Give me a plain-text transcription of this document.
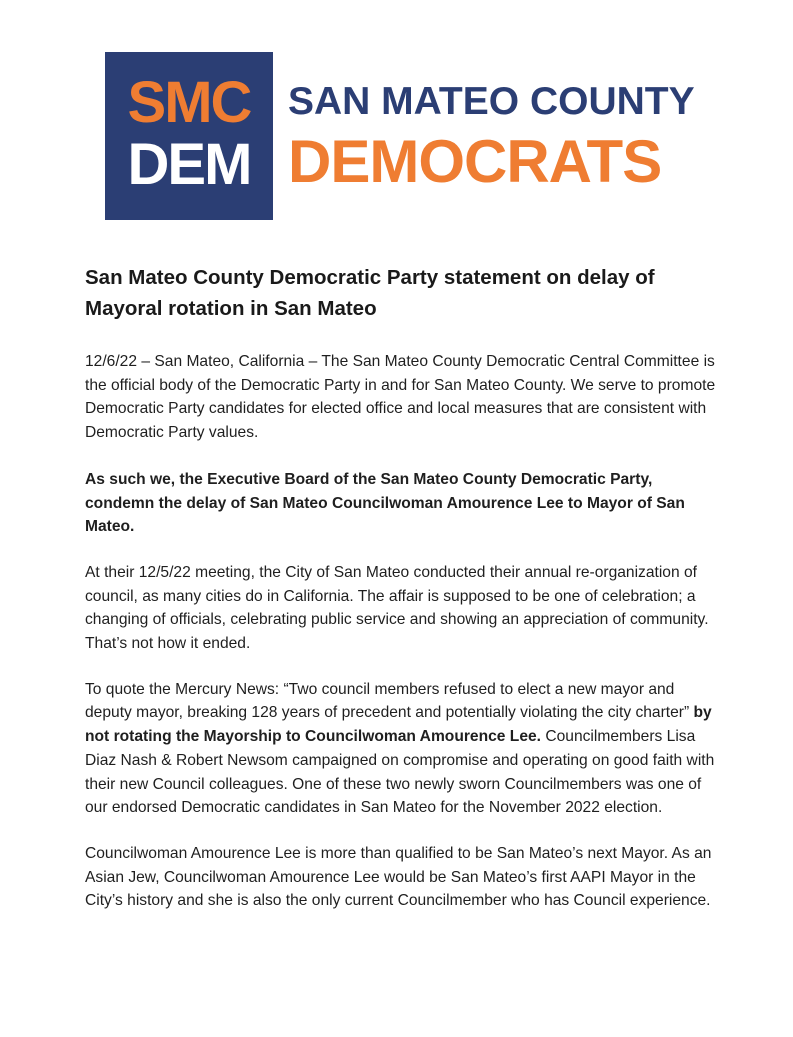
SMC
DEM
SAN MATEO COUNTY
DEMOCRATS
San Mateo County Democratic Party statement on delay of Mayoral rotation in San Mateo

12/6/22 – San Mateo, California – The San Mateo County Democratic Central Committee is the official body of the Democratic Party in and for San Mateo County. We serve to promote Democratic Party candidates for elected office and local measures that are consistent with Democratic Party values.

As such we, the Executive Board of the San Mateo County Democratic Party, condemn the delay of San Mateo Councilwoman Amourence Lee to Mayor of San Mateo.

At their 12/5/22 meeting, the City of San Mateo conducted their annual re-organization of council, as many cities do in California. The affair is supposed to be one of celebration; a changing of officials, celebrating public service and showing an appreciation of community. That’s not how it ended.

To quote the Mercury News: “Two council members refused to elect a new mayor and deputy mayor, breaking 128 years of precedent and potentially violating the city charter” by not rotating the Mayorship to Councilwoman Amourence Lee. Councilmembers Lisa Diaz Nash & Robert Newsom campaigned on compromise and operating on good faith with their new Council colleagues. One of these two newly sworn Councilmembers was one of our endorsed Democratic candidates in San Mateo for the November 2022 election.

Councilwoman Amourence Lee is more than qualified to be San Mateo’s next Mayor. As an Asian Jew, Councilwoman Amourence Lee would be San Mateo’s first AAPI Mayor in the City’s history and she is also the only current Councilmember who has Council experience.
